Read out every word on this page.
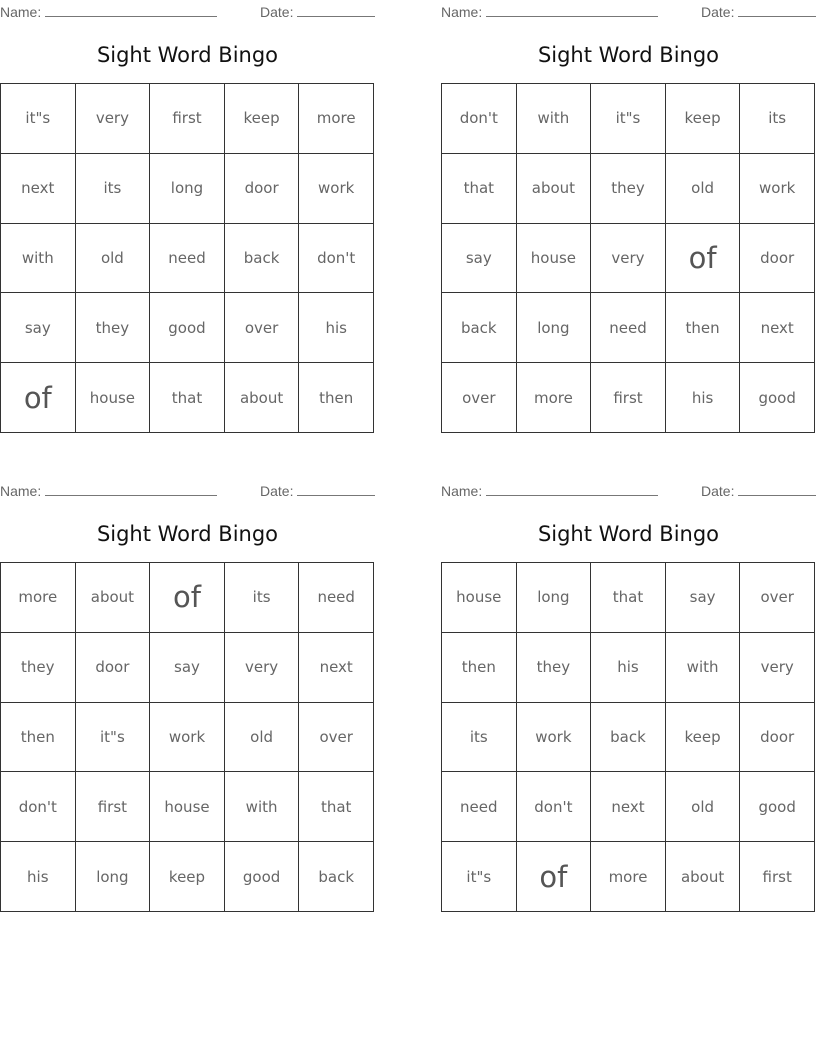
Name:	Date:
Sight Word Bingo
it"s	very	first	keep	more
next	its	long	door	work
with	old	need	back	don't
say	they	good	over	his
of	house	that	about	then
Name:	Date:
Sight Word Bingo
don't	with	it"s	keep	its
that	about	they	old	work
say	house	very	of	door
back	long	need	then	next
over	more	first	his	good
Name:	Date:
Sight Word Bingo
more	about	of	its	need
they	door	say	very	next
then	it"s	work	old	over
don't	first	house	with	that
his	long	keep	good	back
Name:	Date:
Sight Word Bingo
house	long	that	say	over
then	they	his	with	very
its	work	back	keep	door
need	don't	next	old	good
it"s	of	more	about	first
